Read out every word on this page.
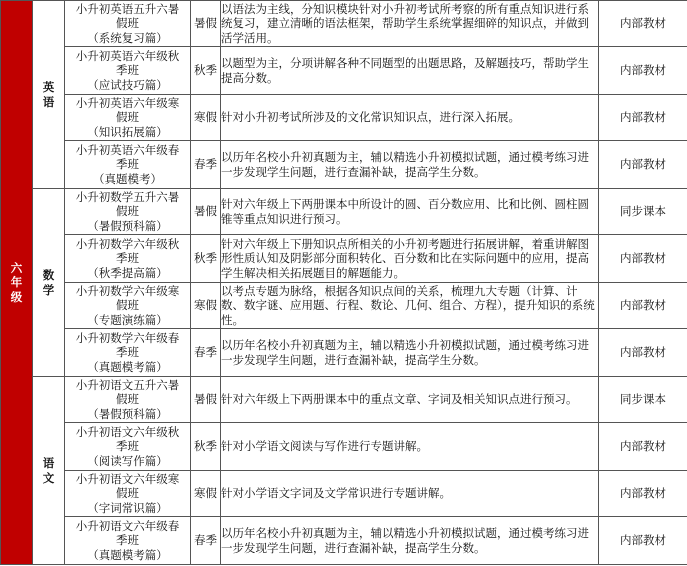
六
年
级	英
语	小升初英语五升六暑
假班
（系统复习篇）	暑假	以语法为主线，分知识模块针对小升初考试所考察的所有重点知识进行系统复习，建立清晰的语法框架，帮助学生系统掌握细碎的知识点，并做到活学活用。	内部教材

		小升初英语六年级秋
季班
（应试技巧篇）	秋季	以题型为主，分项讲解各种不同题型的出题思路，及解题技巧，帮助学生提高分数。	内部教材

		小升初英语六年级寒
假班
（知识拓展篇）	寒假	针对小升初考试所涉及的文化常识知识点，进行深入拓展。	内部教材

		小升初英语六年级春
季班
（真题模考）	春季	以历年名校小升初真题为主，辅以精选小升初模拟试题，通过模考练习进一步发现学生问题，进行查漏补缺，提高学生分数。	内部教材

	数
学	小升初数学五升六暑
假班
（暑假预科篇）	暑假	针对六年级上下两册课本中所设计的圆、百分数应用、比和比例、圆柱圆锥等重点知识进行预习。	同步课本

		小升初数学六年级秋
季班
（秋季提高篇）	秋季	针对六年级上下册知识点所相关的小升初考题进行拓展讲解，着重讲解图形性质认知及阴影部分面积转化、百分数和比在实际问题中的应用，提高学生解决相关拓展题目的解题能力。	内部教材

		小升初数学六年级寒
假班
（专题演练篇）	寒假	以考点专题为脉络，根据各知识点间的关系，梳理九大专题（计算、计数、数字谜、应用题、行程、数论、几何、组合、方程），提升知识的系统性。	内部教材

		小升初数学六年级春
季班
（真题模考篇）	春季	以历年名校小升初真题为主，辅以精选小升初模拟试题，通过模考练习进一步发现学生问题，进行查漏补缺，提高学生分数。	内部教材

	语
文	小升初语文五升六暑
假班
（暑假预科篇）	暑假	针对六年级上下两册课本中的重点文章、字词及相关知识点进行预习。	同步课本

		小升初语文六年级秋
季班
（阅读写作篇）	秋季	针对小学语文阅读与写作进行专题讲解。	内部教材

		小升初语文六年级寒
假班
（字词常识篇）	寒假	针对小学语文字词及文学常识进行专题讲解。	内部教材

		小升初语文六年级春
季班
（真题模考篇）	春季	以历年名校小升初真题为主，辅以精选小升初模拟试题，通过模考练习进一步发现学生问题，进行查漏补缺，提高学生分数。	内部教材
